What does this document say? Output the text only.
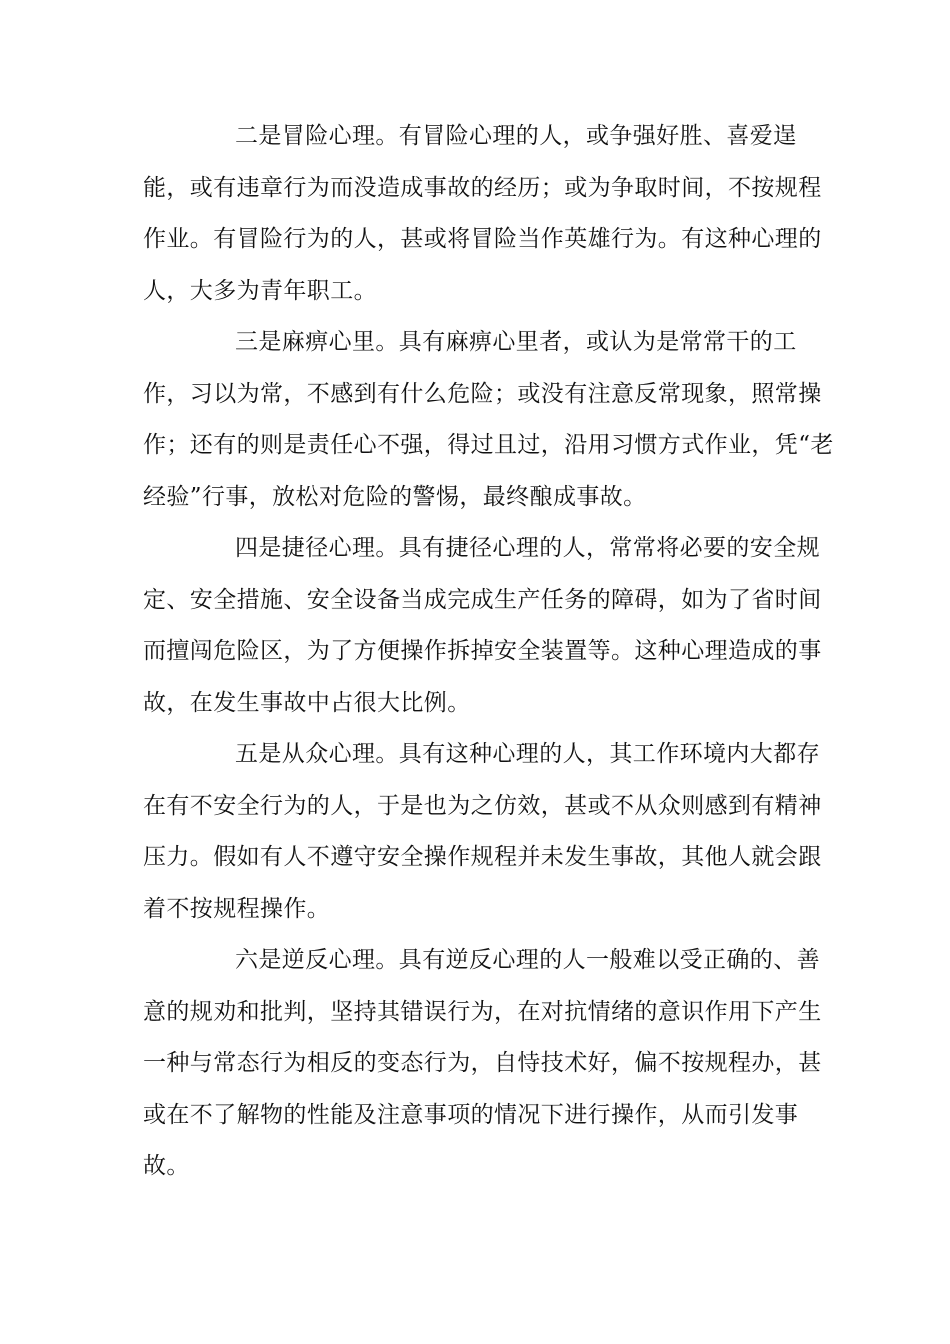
二是冒险心理。有冒险心理的人，或争强好胜、喜爱逞
能，或有违章行为而没造成事故的经历；或为争取时间，不按规程
作业。有冒险行为的人，甚或将冒险当作英雄行为。有这种心理的
人，大多为青年职工。
三是麻痹心里。具有麻痹心里者，或认为是常常干的工
作，习以为常，不感到有什么危险；或没有注意反常现象，照常操
作；还有的则是责任心不强，得过且过，沿用习惯方式作业，凭“老
经验”行事，放松对危险的警惕，最终酿成事故。
四是捷径心理。具有捷径心理的人，常常将必要的安全规
定、安全措施、安全设备当成完成生产任务的障碍，如为了省时间
而擅闯危险区，为了方便操作拆掉安全装置等。这种心理造成的事
故，在发生事故中占很大比例。
五是从众心理。具有这种心理的人，其工作环境内大都存
在有不安全行为的人，于是也为之仿效，甚或不从众则感到有精神
压力。假如有人不遵守安全操作规程并未发生事故，其他人就会跟
着不按规程操作。
六是逆反心理。具有逆反心理的人一般难以受正确的、善
意的规劝和批判，坚持其错误行为，在对抗情绪的意识作用下产生
一种与常态行为相反的变态行为，自恃技术好，偏不按规程办，甚
或在不了解物的性能及注意事项的情况下进行操作，从而引发事
故。
